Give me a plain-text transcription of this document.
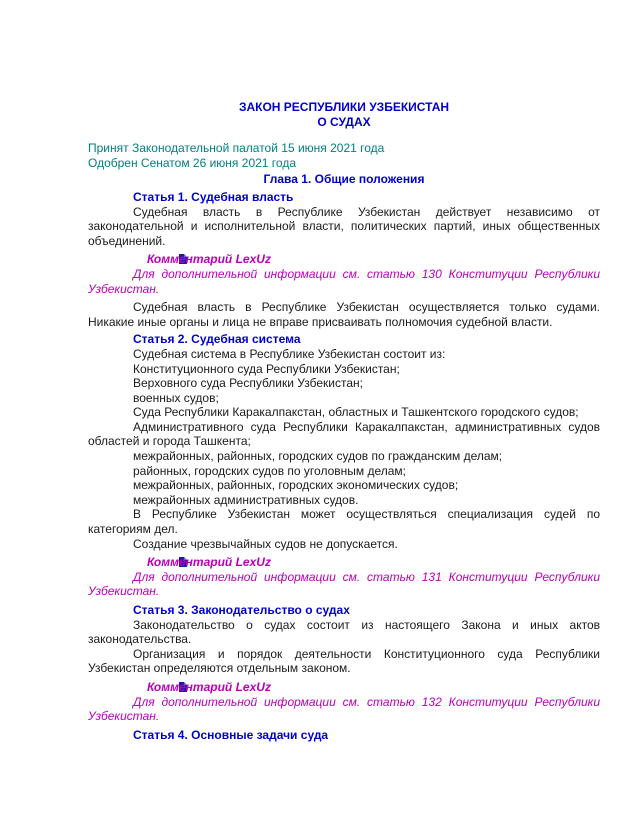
ЗАКОН РЕСПУБЛИКИ УЗБЕКИСТАН

О СУДАХ

Принят Законодательной палатой 15 июня 2021 года

Одобрен Сенатом 26 июня 2021 года

Глава 1. Общие положения

Статья 1. Судебная власть

Судебная власть в Республике Узбекистан действует независимо от законодательной и исполнительной власти, политических партий, иных общественных объединений.

Комментарий LexUz

Для дополнительной информации см. статью 130 Конституции Республики Узбекистан.

Судебная власть в Республике Узбекистан осуществляется только судами. Никакие иные органы и лица не вправе присваивать полномочия судебной власти.

Статья 2. Судебная система

Судебная система в Республике Узбекистан состоит из:

Конституционного суда Республики Узбекистан;

Верховного суда Республики Узбекистан;

военных судов;

Суда Республики Каракалпакстан, областных и Ташкентского городского судов;

Административного суда Республики Каракалпакстан, административных судов областей и города Ташкента;

межрайонных, районных, городских судов по гражданским делам;

районных, городских судов по уголовным делам;

межрайонных, районных, городских экономических судов;

межрайонных административных судов.

В Республике Узбекистан может осуществляться специализация судей по категориям дел.

Создание чрезвычайных судов не допускается.

Комментарий LexUz

Для дополнительной информации см. статью 131 Конституции Республики Узбекистан.

Статья 3. Законодательство о судах

Законодательство о судах состоит из настоящего Закона и иных актов законодательства.

Организация и порядок деятельности Конституционного суда Республики Узбекистан определяются отдельным законом.

Комментарий LexUz

Для дополнительной информации см. статью 132 Конституции Республики Узбекистан.

Статья 4. Основные задачи суда
